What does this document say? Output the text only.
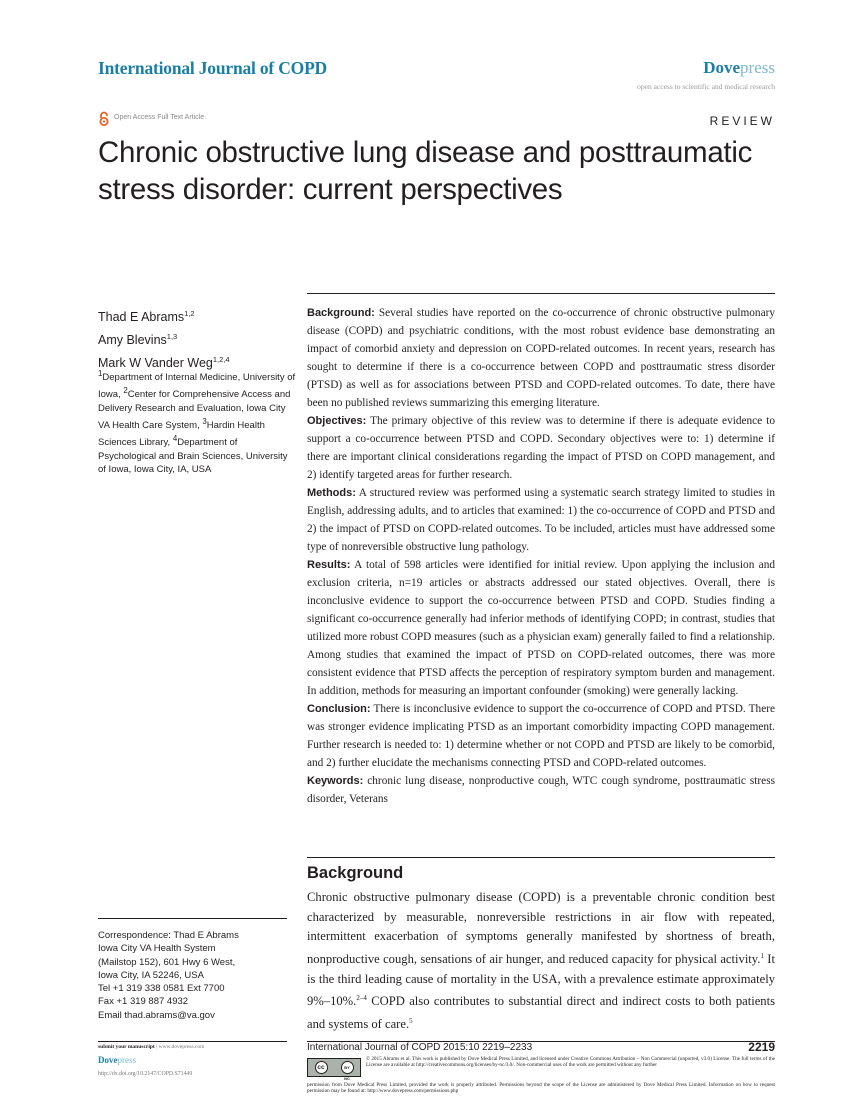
International Journal of COPD	Dovepress
open access to scientific and medical research
Open Access Full Text Article	REVIEW
Chronic obstructive lung disease and posttraumatic stress disorder: current perspectives
Thad E Abrams$^{1,2}$
Amy Blevins$^{1,3}$
Mark W Vander Weg$^{1,2,4}$
$^1$Department of Internal Medicine, University of Iowa, $^2$Center for Comprehensive Access and Delivery Research and Evaluation, Iowa City VA Health Care System, $^3$Hardin Health Sciences Library, $^4$Department of Psychological and Brain Sciences, University of Iowa, Iowa City, IA, USA
Correspondence: Thad E Abrams
Iowa City VA Health System
(Mailstop 152), 601 Hwy 6 West,
Iowa City, IA 52246, USA
Tel +1 319 338 0581 Ext 7700
Fax +1 319 887 4932
Email thad.abrams@va.gov

Background: Several studies have reported on the co-occurrence of chronic obstructive pulmonary disease (COPD) and psychiatric conditions, with the most robust evidence base demonstrating an impact of comorbid anxiety and depression on COPD-related outcomes. In recent years, research has sought to determine if there is a co-occurrence between COPD and posttraumatic stress disorder (PTSD) as well as for associations between PTSD and COPD-related outcomes. To date, there have been no published reviews summarizing this emerging literature.

Objectives: The primary objective of this review was to determine if there is adequate evidence to support a co-occurrence between PTSD and COPD. Secondary objectives were to: 1) determine if there are important clinical considerations regarding the impact of PTSD on COPD management, and 2) identify targeted areas for further research.

Methods: A structured review was performed using a systematic search strategy limited to studies in English, addressing adults, and to articles that examined: 1) the co-occurrence of COPD and PTSD and 2) the impact of PTSD on COPD-related outcomes. To be included, articles must have addressed some type of nonreversible obstructive lung pathology.

Results: A total of 598 articles were identified for initial review. Upon applying the inclusion and exclusion criteria, n=19 articles or abstracts addressed our stated objectives. Overall, there is inconclusive evidence to support the co-occurrence between PTSD and COPD. Studies finding a significant co-occurrence generally had inferior methods of identifying COPD; in contrast, studies that utilized more robust COPD measures (such as a physician exam) generally failed to find a relationship. Among studies that examined the impact of PTSD on COPD-related outcomes, there was more consistent evidence that PTSD affects the perception of respiratory symptom burden and management. In addition, methods for measuring an important confounder (smoking) were generally lacking.

Conclusion: There is inconclusive evidence to support the co-occurrence of COPD and PTSD. There was stronger evidence implicating PTSD as an important comorbidity impacting COPD management. Further research is needed to: 1) determine whether or not COPD and PTSD are likely to be comorbid, and 2) further elucidate the mechanisms connecting PTSD and COPD-related outcomes.

Keywords: chronic lung disease, nonproductive cough, WTC cough syndrome, posttraumatic stress disorder, Veterans

Background

Chronic obstructive pulmonary disease (COPD) is a preventable chronic condition best characterized by measurable, nonreversible restrictions in air flow with repeated, intermittent exacerbation of symptoms generally manifested by shortness of breath, nonproductive cough, sensations of air hunger, and reduced capacity for physical activity.$^1$ It is the third leading cause of mortality in the USA, with a prevalence estimate approximately 9%–10%.$^{2-4}$ COPD also contributes to substantial direct and indirect costs to both patients and systems of care.$^5$

submit your manuscript | www.dovepress.com
Dovepress
http://dx.doi.org/10.2147/COPD.S71449
International Journal of COPD 2015:10 2219–2233	2219
cc	BY NC
© 2015 Abrams et al. This work is published by Dove Medical Press Limited, and licensed under Creative Commons Attribution – Non Commercial (unported, v3.0) License. The full terms of the License are available at http://creativecommons.org/licenses/by-nc/3.0/. Non-commercial uses of the work are permitted without any further
permission from Dove Medical Press Limited, provided the work is properly attributed. Permissions beyond the scope of the License are administered by Dove Medical Press Limited. Information on how to request permission may be found at: http://www.dovepress.com/permissions.php
